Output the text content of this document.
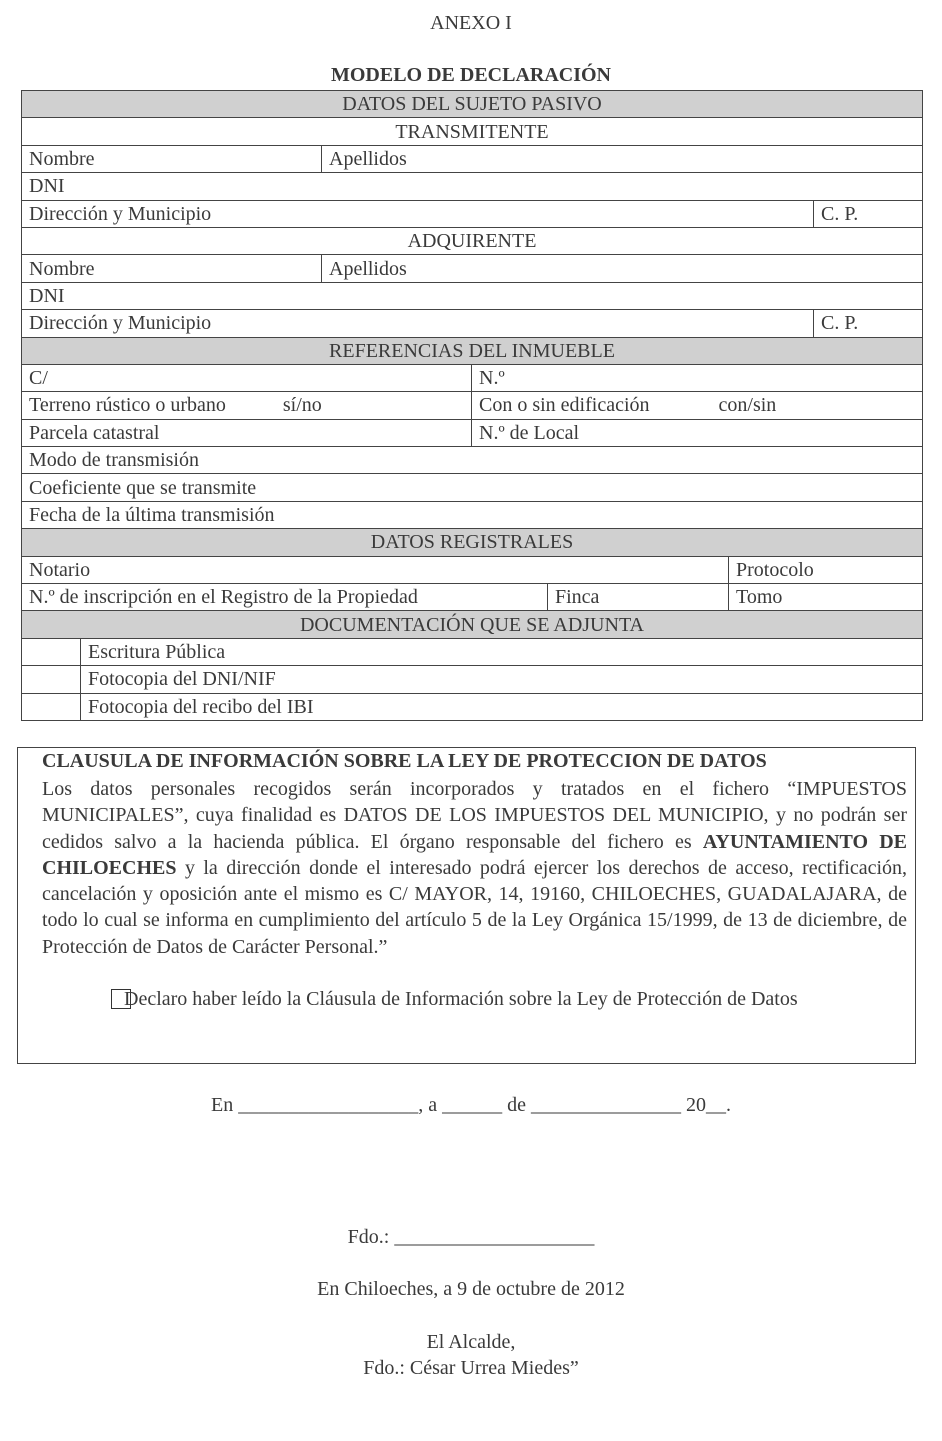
ANEXO I
MODELO DE DECLARACIÓN
DATOS DEL SUJETO PASIVO						
TRANSMITENTE						
Nombre		Apellidos				
DNI						
Dirección y Municipio						C. P.
ADQUIRENTE						
Nombre		Apellidos				
DNI						
Dirección y Municipio						C. P.
REFERENCIAS DEL INMUEBLE						
C/			N.º			
Terreno rústico o urbano sí/no			Con o sin edificación con/sin			
Parcela catastral			N.º de Local			
Modo de transmisión						
Coeficiente que se transmite						
Fecha de la última transmisión						
DATOS REGISTRALES						
Notario					Protocolo	
N.º de inscripción en el Registro de la Propiedad				Finca	Tomo	
DOCUMENTACIÓN QUE SE ADJUNTA						
	Escritura Pública					
	Fotocopia del DNI/NIF					
	Fotocopia del recibo del IBI					
CLAUSULA DE INFORMACIÓN SOBRE LA LEY DE PROTECCION DE DATOS
Los datos personales recogidos serán incorporados y tratados en el fichero “IMPUESTOS MUNICIPALES”, cuya finalidad es DATOS DE LOS IMPUESTOS DEL MUNICIPIO, y no podrán ser cedidos salvo a la hacienda pública. El órgano responsable del fichero es AYUNTAMIENTO DE CHILOECHES y la dirección donde el interesado podrá ejercer los derechos de acceso, rectificación, cancelación y oposición ante el mismo es C/ MAYOR, 14, 19160, CHILOECHES, GUADALAJARA, de todo lo cual se informa en cumplimiento del artículo 5 de la Ley Orgánica 15/1999, de 13 de diciembre, de Protección de Datos de Carácter Personal.”
Declaro haber leído la Cláusula de Información sobre la Ley de Protección de Datos
En __________________, a ______ de _______________ 20__.
Fdo.: ____________________
En Chiloeches, a 9 de octubre de 2012
El Alcalde,
Fdo.: César Urrea Miedes”
